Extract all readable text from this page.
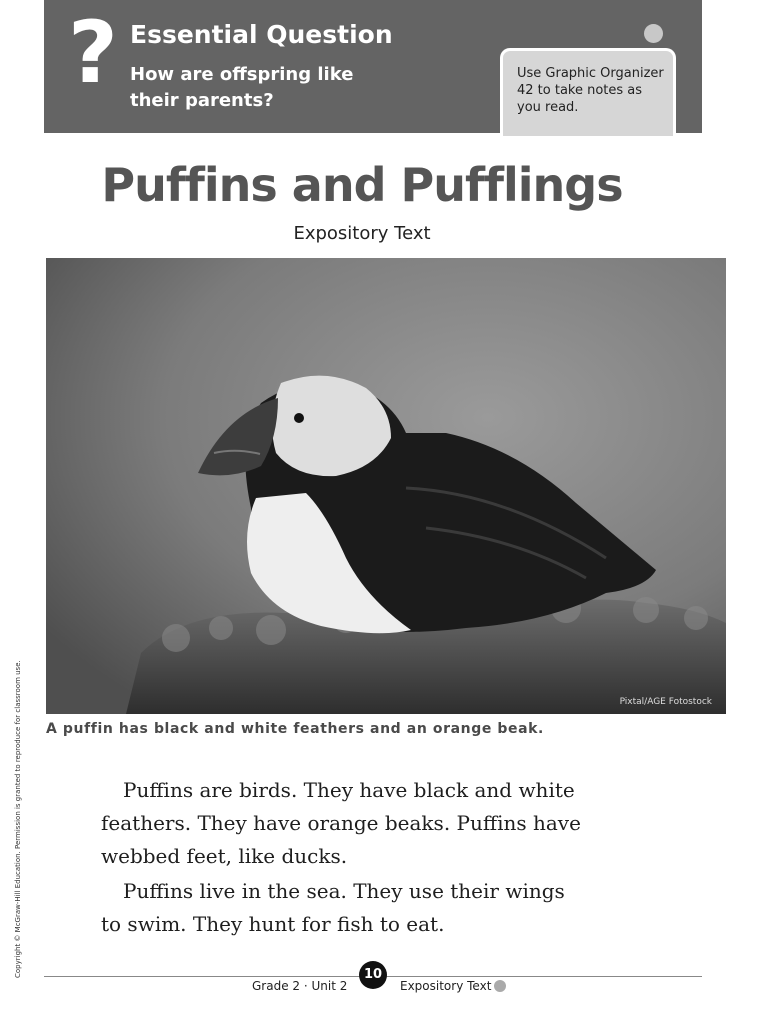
? Essential Question
How are offspring like their parents?
Use Graphic Organizer 42 to take notes as you read.
Puffins and Pufflings
Expository Text
Pixtal/AGE Fotostock
A puffin has black and white feathers and an orange beak.

Puffins are birds. They have black and white feathers. They have orange beaks. Puffins have webbed feet, like ducks.

Puffins live in the sea. They use their wings to swim. They hunt for fish to eat.

Copyright © McGraw-Hill Education. Permission is granted to reproduce for classroom use.
Grade 2 · Unit 2
10
Expository Text
